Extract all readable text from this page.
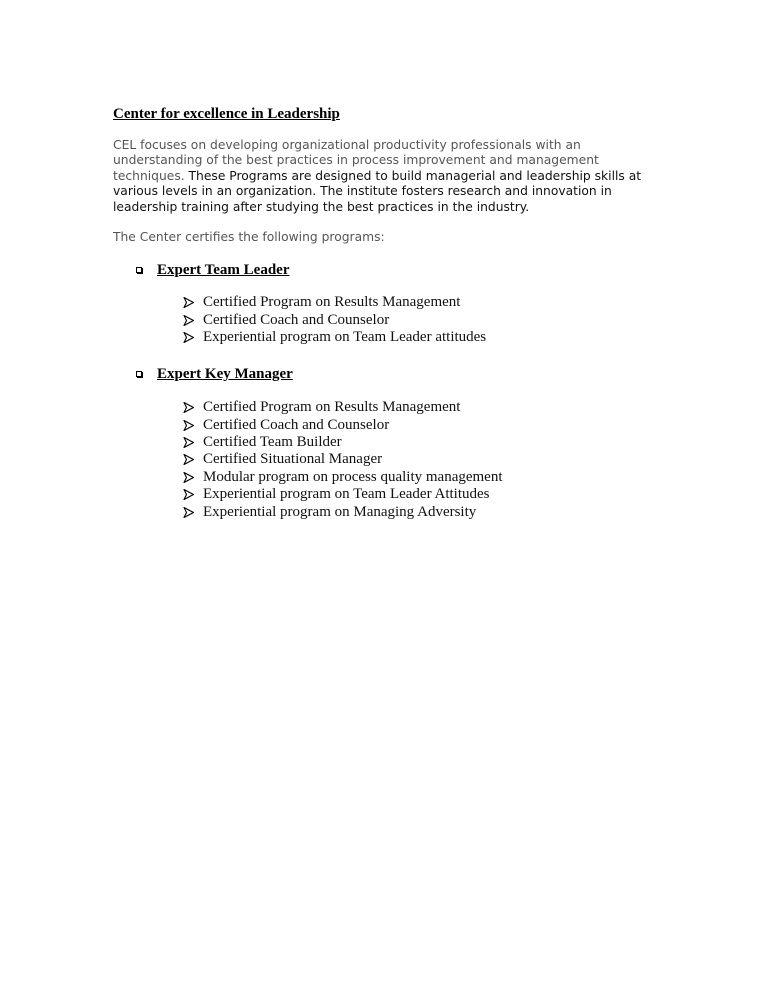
Center for excellence in Leadership

CEL focuses on developing organizational productivity professionals with an
understanding of the best practices in process improvement and management
techniques. These Programs are designed to build managerial and leadership skills at
various levels in an organization. The institute fosters research and innovation in
leadership training after studying the best practices in the industry.

The Center certifies the following programs:
Expert Team Leader
Certified Program on Results Management
Certified Coach and Counselor
Experiential program on Team Leader attitudes
Expert Key Manager
Certified Program on Results Management
Certified Coach and Counselor
Certified Team Builder
Certified Situational Manager
Modular program on process quality management
Experiential program on Team Leader Attitudes
Experiential program on Managing Adversity
